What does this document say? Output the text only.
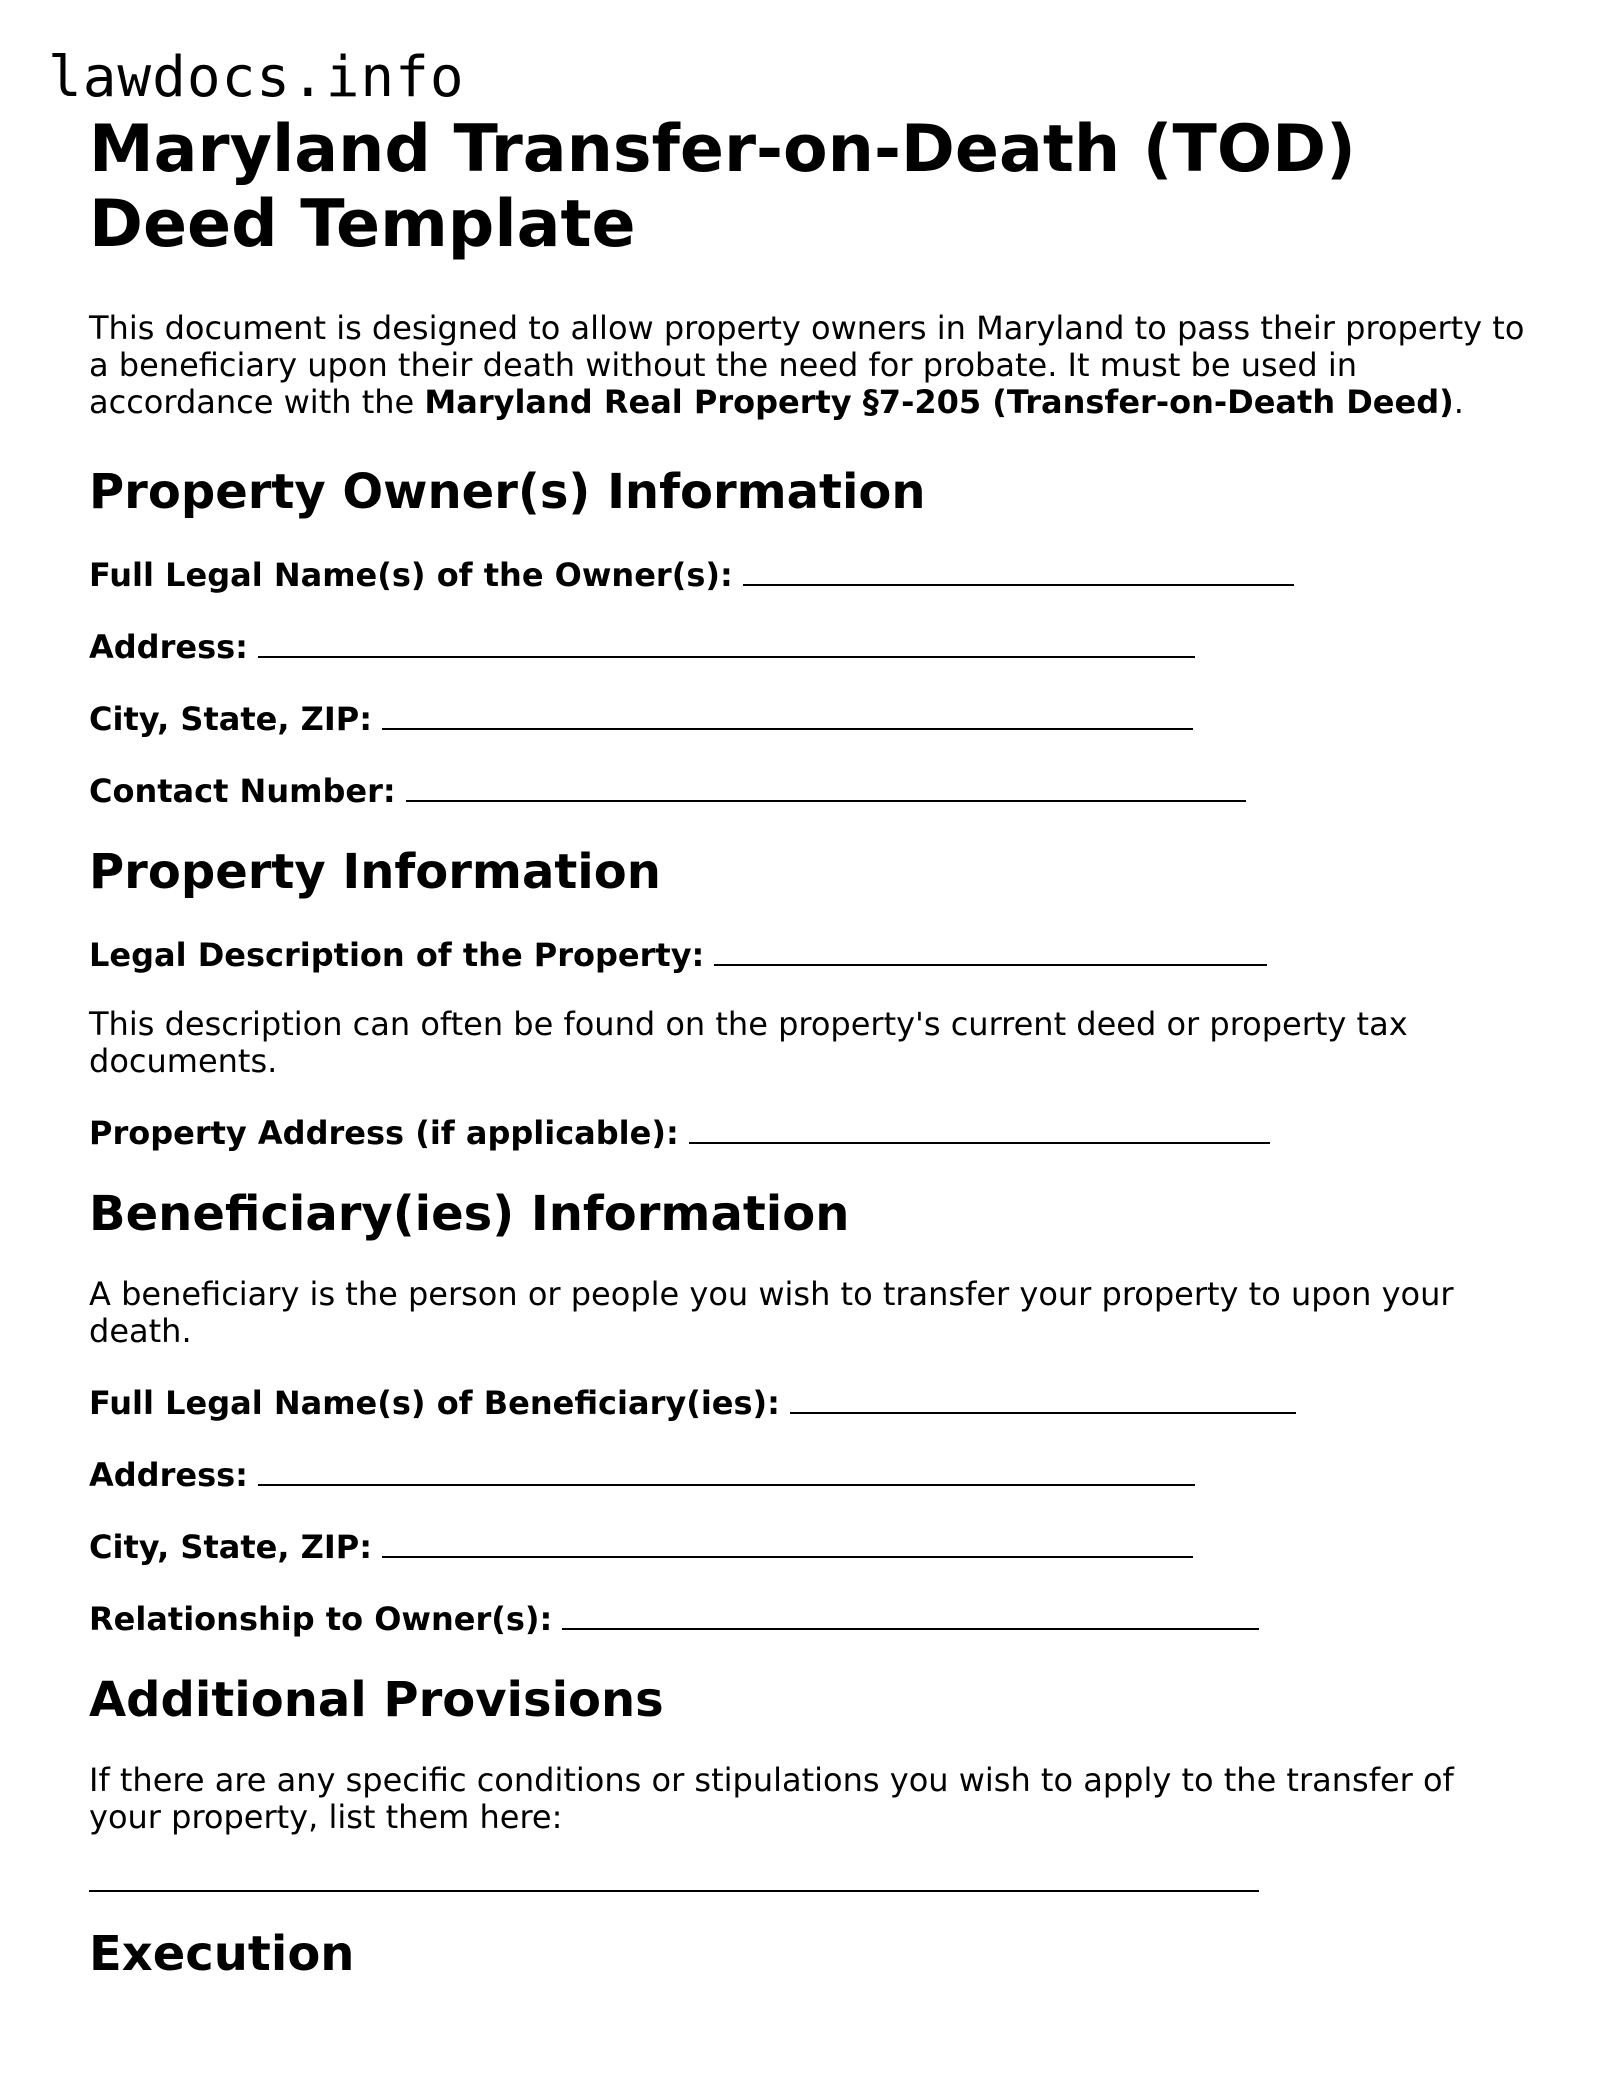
lawdocs.info
Maryland Transfer-on-Death (TOD) Deed Template

This document is designed to allow property owners in Maryland to pass their property to a beneficiary upon their death without the need for probate. It must be used in accordance with the Maryland Real Property §7-205 (Transfer-on-Death Deed).

Property Owner(s) Information
Full Legal Name(s) of the Owner(s):
Address:
City, State, ZIP:
Contact Number:
Property Information
Legal Description of the Property:

This description can often be found on the property's current deed or property tax documents.

Property Address (if applicable):
Beneficiary(ies) Information

A beneficiary is the person or people you wish to transfer your property to upon your death.

Full Legal Name(s) of Beneficiary(ies):
Address:
City, State, ZIP:
Relationship to Owner(s):
Additional Provisions

If there are any specific conditions or stipulations you wish to apply to the transfer of your property, list them here:

Execution
